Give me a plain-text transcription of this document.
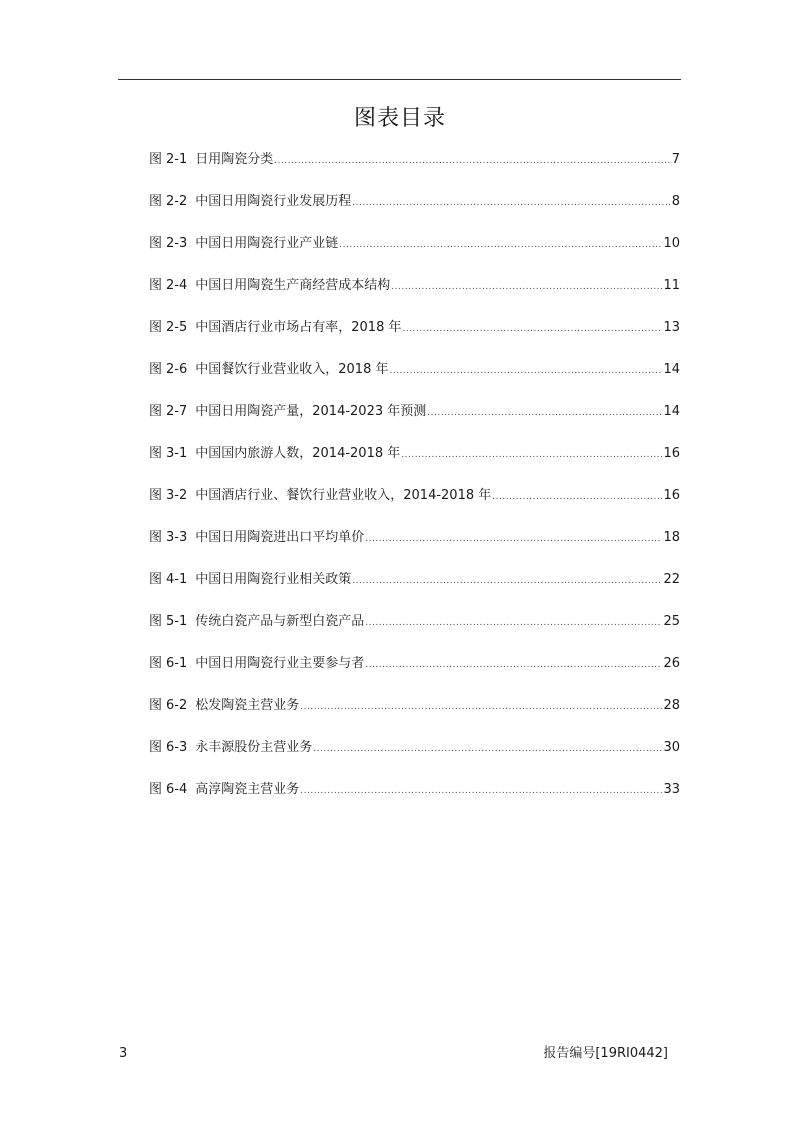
图表目录
图 2-1 日用陶瓷分类 .....	7
图 2-2 中国日用陶瓷行业发展历程 .....	8
图 2-3 中国日用陶瓷行业产业链 .....	10
图 2-4 中国日用陶瓷生产商经营成本结构 .....	11
图 2-5 中国酒店行业市场占有率，2018 年 .....	13
图 2-6 中国餐饮行业营业收入，2018 年 .....	14
图 2-7 中国日用陶瓷产量，2014-2023 年预测 .....	14
图 3-1 中国国内旅游人数，2014-2018 年 .....	16
图 3-2 中国酒店行业、餐饮行业营业收入，2014-2018 年 .....	16
图 3-3 中国日用陶瓷进出口平均单价 .....	18
图 4-1 中国日用陶瓷行业相关政策 .....	22
图 5-1 传统白瓷产品与新型白瓷产品 .....	25
图 6-1 中国日用陶瓷行业主要参与者 .....	26
图 6-2 松发陶瓷主营业务 .....	28
图 6-3 永丰源股份主营业务 .....	30
图 6-4 高淳陶瓷主营业务 .....	33
3	报告编号[19RI0442]
